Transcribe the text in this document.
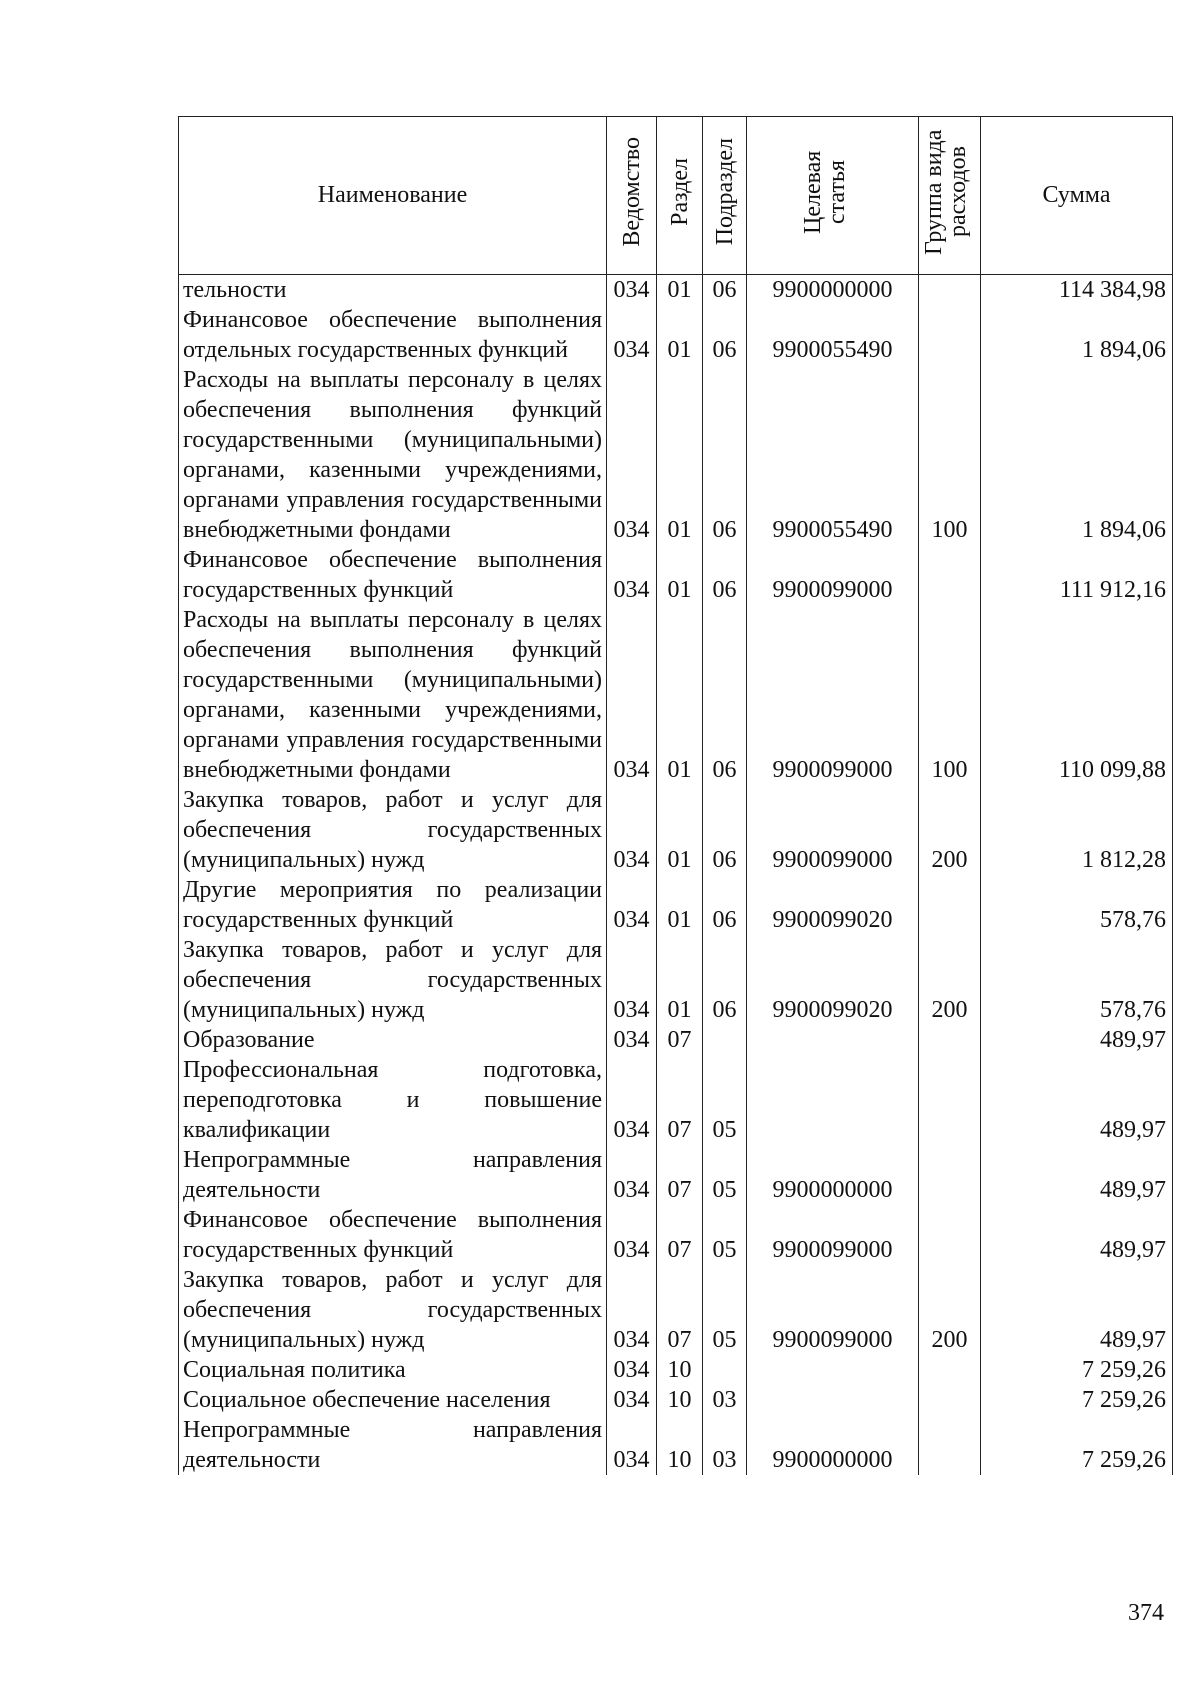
Наименование	Ведомство	Раздел	Подраздел	Целевая статья	Группа вида расходов	Сумма
тельности	034	01	06	9900000000		114 384,98
Финансовое обеспечение выполнения отдельных государственных функций	034	01	06	9900055490		1 894,06
Расходы на выплаты персоналу в целях обеспечения выполнения функций государственными (муниципальными) органами, казенными учреждениями, органами управления государственными внебюджетными фондами	034	01	06	9900055490	100	1 894,06
Финансовое обеспечение выполнения государственных функций	034	01	06	9900099000		111 912,16
Расходы на выплаты персоналу в целях обеспечения выполнения функций государственными (муниципальными) органами, казенными учреждениями, органами управления государственными внебюджетными фондами	034	01	06	9900099000	100	110 099,88
Закупка товаров, работ и услуг для обеспечения государственных (муниципальных) нужд	034	01	06	9900099000	200	1 812,28
Другие мероприятия по реализации государственных функций	034	01	06	9900099020		578,76
Закупка товаров, работ и услуг для обеспечения государственных (муниципальных) нужд	034	01	06	9900099020	200	578,76
Образование	034	07				489,97
Профессиональная подготовка, переподготовка и повышение квалификации	034	07	05			489,97
Непрограммные направления деятельности	034	07	05	9900000000		489,97
Финансовое обеспечение выполнения государственных функций	034	07	05	9900099000		489,97
Закупка товаров, работ и услуг для обеспечения государственных (муниципальных) нужд	034	07	05	9900099000	200	489,97
Социальная политика	034	10				7 259,26
Социальное обеспечение населения	034	10	03			7 259,26
Непрограммные направления деятельности	034	10	03	9900000000		7 259,26
374
